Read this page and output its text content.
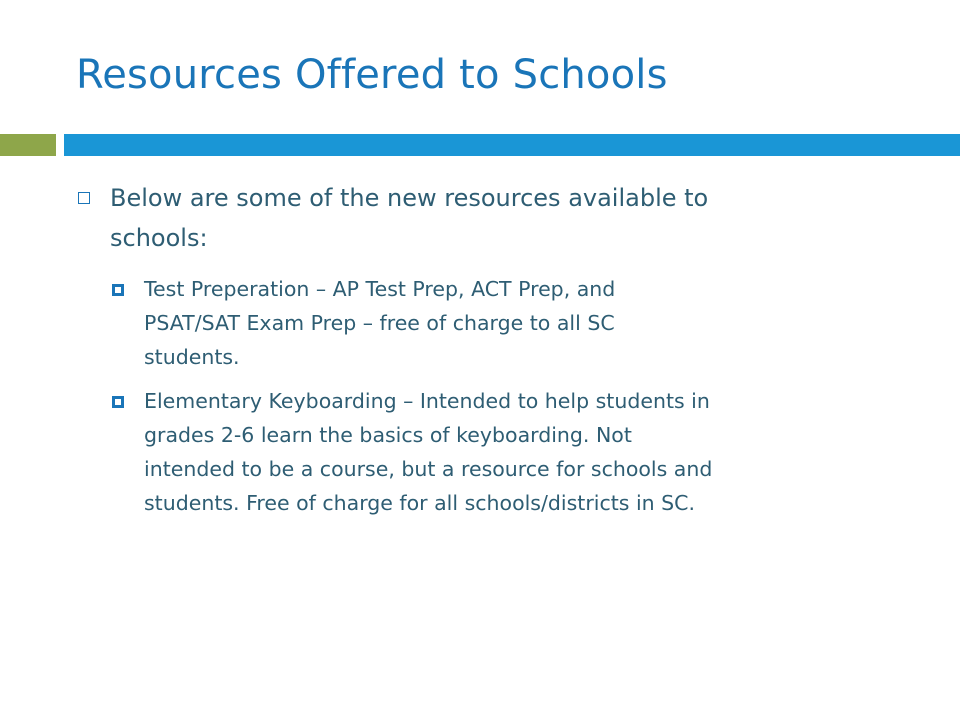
Resources Offered to Schools
Below are some of the new resources available to
schools:
Test Preperation – AP Test Prep, ACT Prep, and
PSAT/SAT Exam Prep – free of charge to all SC
students.
Elementary Keyboarding – Intended to help students in
grades 2-6 learn the basics of keyboarding. Not
intended to be a course, but a resource for schools and
students. Free of charge for all schools/districts in SC.
